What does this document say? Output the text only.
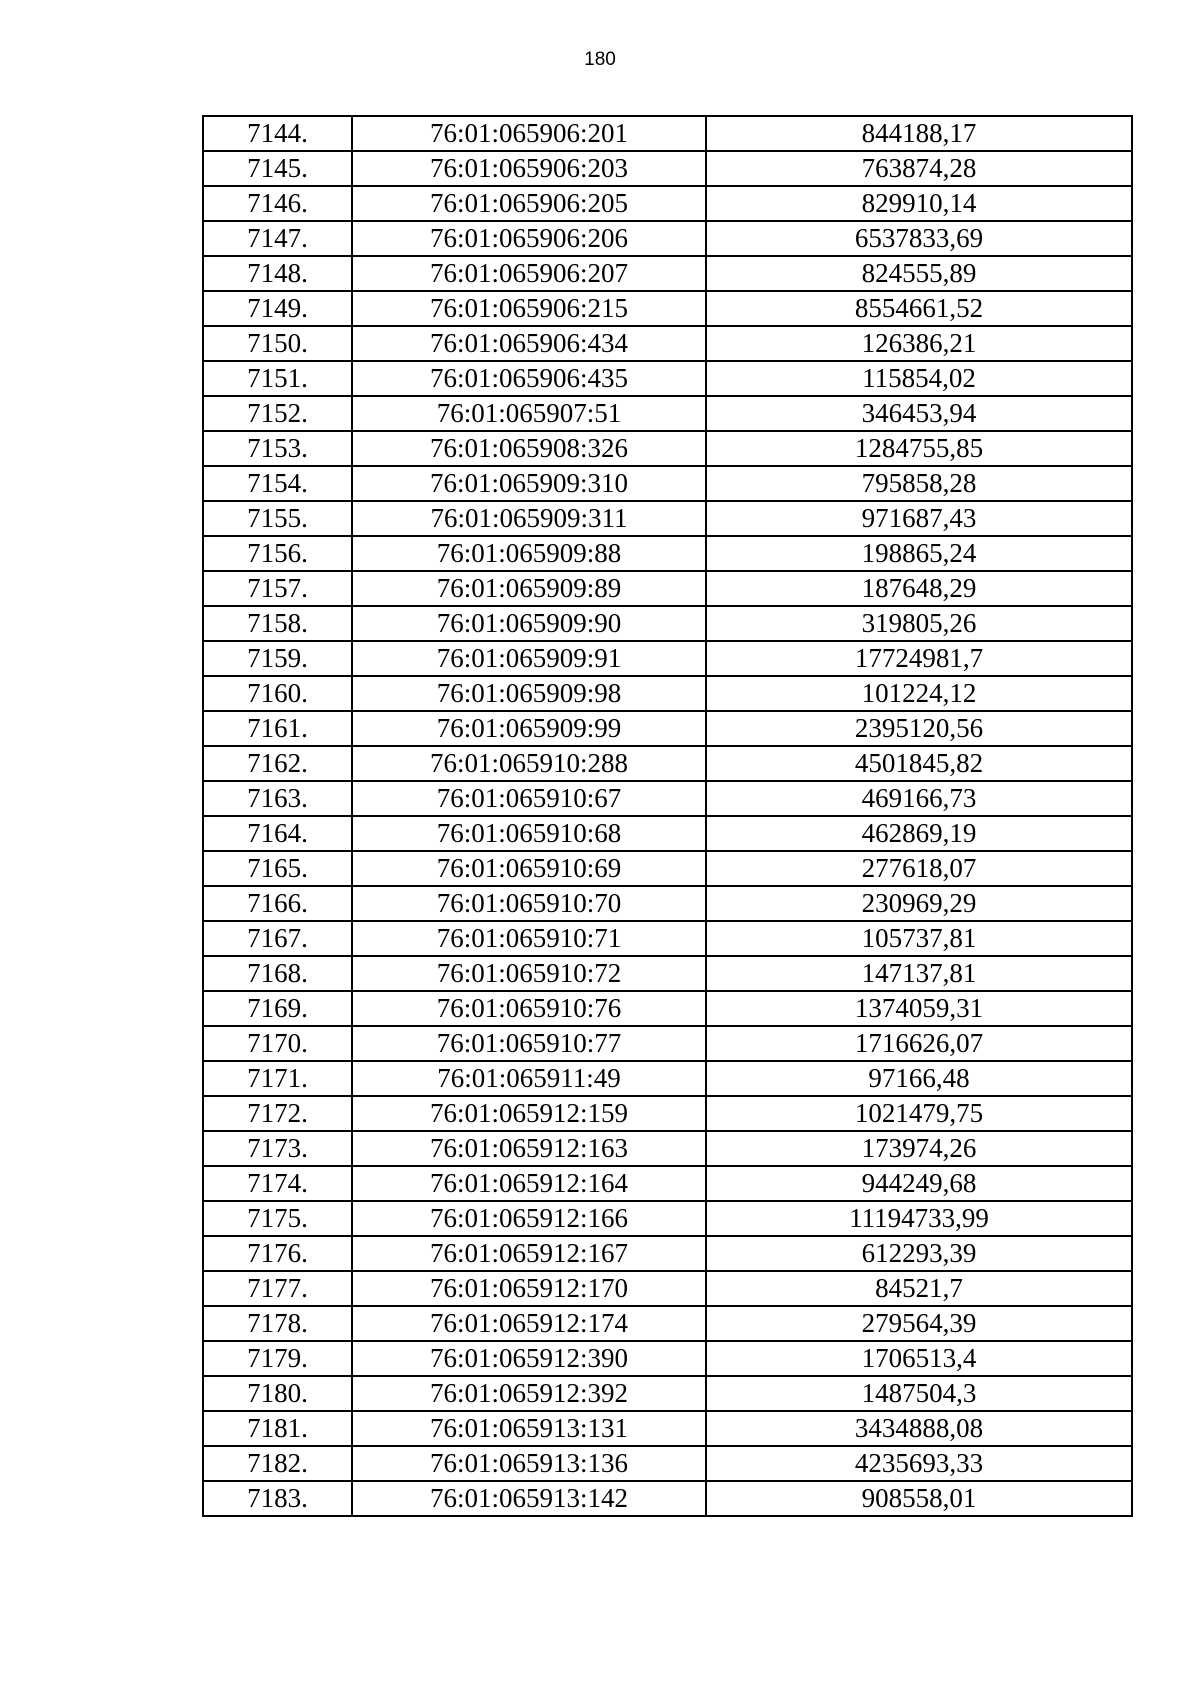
180
7144.	76:01:065906:201	844188,17
7145.	76:01:065906:203	763874,28
7146.	76:01:065906:205	829910,14
7147.	76:01:065906:206	6537833,69
7148.	76:01:065906:207	824555,89
7149.	76:01:065906:215	8554661,52
7150.	76:01:065906:434	126386,21
7151.	76:01:065906:435	115854,02
7152.	76:01:065907:51	346453,94
7153.	76:01:065908:326	1284755,85
7154.	76:01:065909:310	795858,28
7155.	76:01:065909:311	971687,43
7156.	76:01:065909:88	198865,24
7157.	76:01:065909:89	187648,29
7158.	76:01:065909:90	319805,26
7159.	76:01:065909:91	17724981,7
7160.	76:01:065909:98	101224,12
7161.	76:01:065909:99	2395120,56
7162.	76:01:065910:288	4501845,82
7163.	76:01:065910:67	469166,73
7164.	76:01:065910:68	462869,19
7165.	76:01:065910:69	277618,07
7166.	76:01:065910:70	230969,29
7167.	76:01:065910:71	105737,81
7168.	76:01:065910:72	147137,81
7169.	76:01:065910:76	1374059,31
7170.	76:01:065910:77	1716626,07
7171.	76:01:065911:49	97166,48
7172.	76:01:065912:159	1021479,75
7173.	76:01:065912:163	173974,26
7174.	76:01:065912:164	944249,68
7175.	76:01:065912:166	11194733,99
7176.	76:01:065912:167	612293,39
7177.	76:01:065912:170	84521,7
7178.	76:01:065912:174	279564,39
7179.	76:01:065912:390	1706513,4
7180.	76:01:065912:392	1487504,3
7181.	76:01:065913:131	3434888,08
7182.	76:01:065913:136	4235693,33
7183.	76:01:065913:142	908558,01
